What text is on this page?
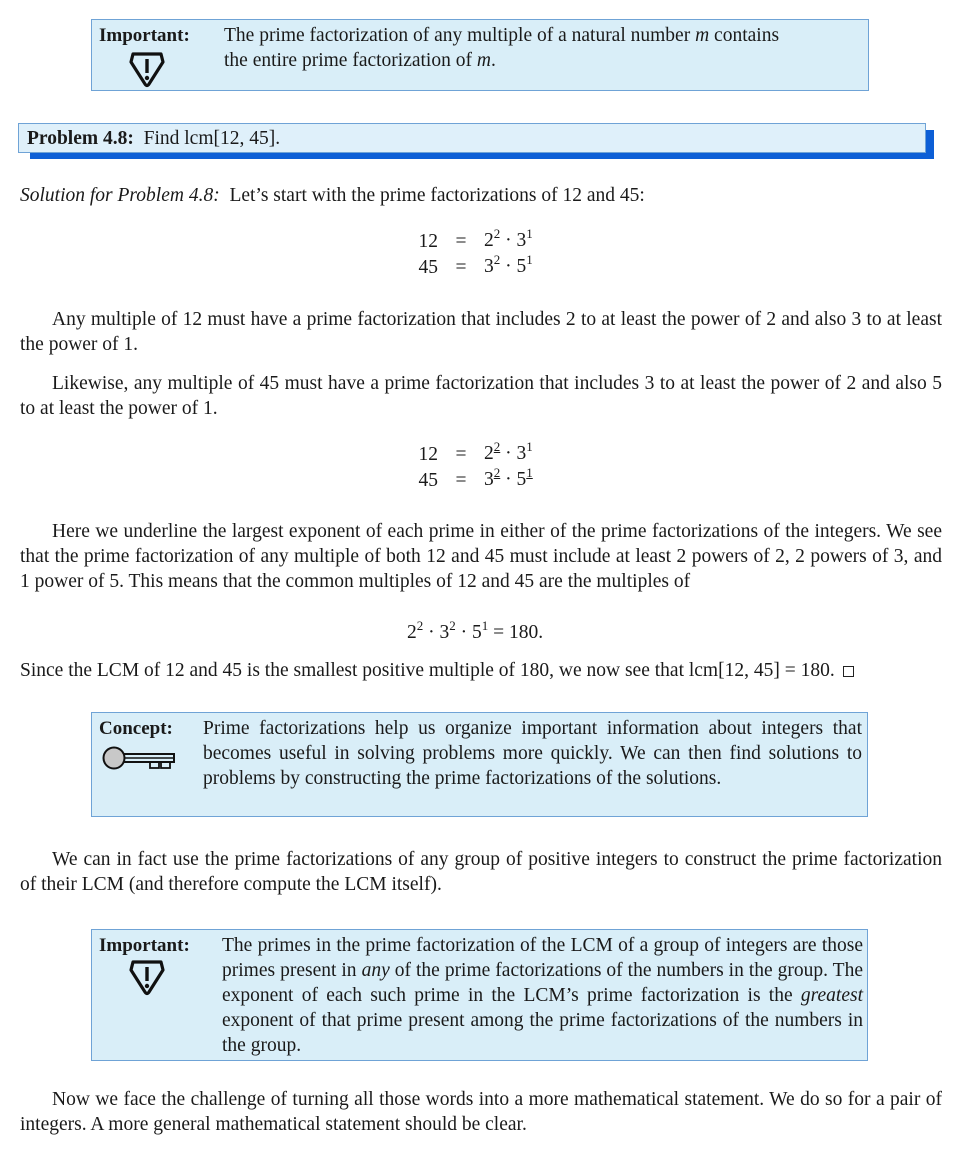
Important: The prime factorization of any multiple of a natural number m contains
the entire prime factorization of m.
Problem 4.8: Find lcm[12, 45].
Solution for Problem 4.8: Let’s start with the prime factorizations of 12 and 45:
12	=	$2^2 \cdot 3^1$
45	=	$3^2 \cdot 5^1$
Any multiple of 12 must have a prime factorization that includes 2 to at least the power of 2 and also 3 to at least the power of 1.
Likewise, any multiple of 45 must have a prime factorization that includes 3 to at least the power of 2 and also 5 to at least the power of 1.
12	=	$2^2 \cdot 3^1$
45	=	$3^2 \cdot 5^1$
Here we underline the largest exponent of each prime in either of the prime factorizations of the integers. We see that the prime factorization of any multiple of both 12 and 45 must include at least 2 powers of 2, 2 powers of 3, and 1 power of 5. This means that the common multiples of 12 and 45 are the multiples of
$2^2 \cdot 3^2 \cdot 5^1 = 180$.
Since the LCM of 12 and 45 is the smallest positive multiple of 180, we now see that lcm[12, 45] = 180.
Concept: Prime factorizations help us organize important information about integers that becomes useful in solving problems more quickly. We can then find solutions to problems by constructing the prime factorizations of the solutions.
We can in fact use the prime factorizations of any group of positive integers to construct the prime factorization of their LCM (and therefore compute the LCM itself).
Important: The primes in the prime factorization of the LCM of a group of integers are those primes present in any of the prime factorizations of the numbers in the group. The exponent of each such prime in the LCM’s prime factorization is the greatest exponent of that prime present among the prime factorizations of the numbers in the group.
Now we face the challenge of turning all those words into a more mathematical statement. We do so for a pair of integers. A more general mathematical statement should be clear.
